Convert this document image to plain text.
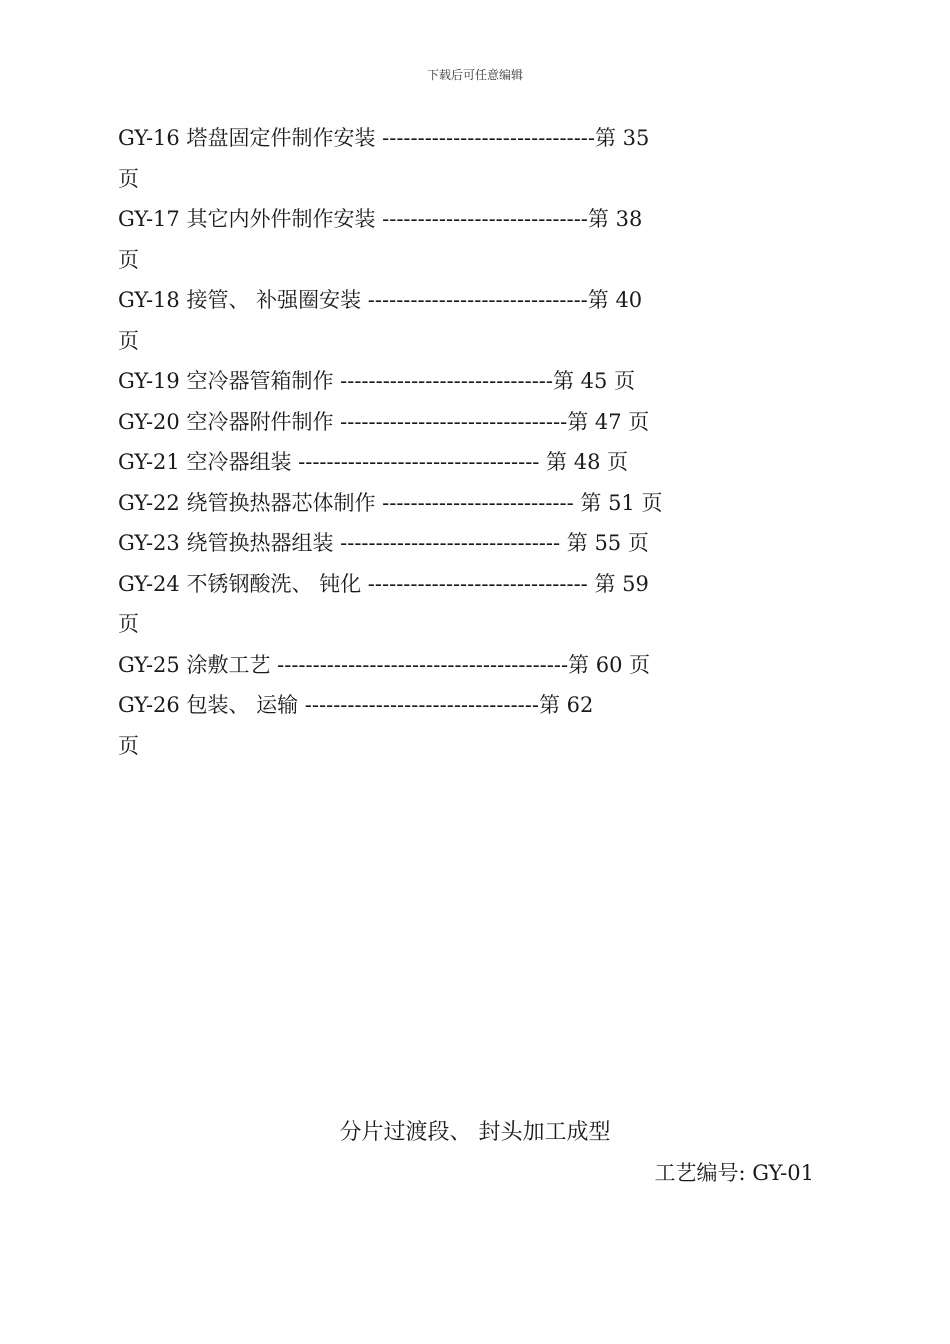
下载后可任意编辑
GY-16 塔盘固定件制作安装 ------------------------------第 35
页
GY-17 其它内外件制作安装 -----------------------------第 38
页
GY-18 接管、 补强圈安装 -------------------------------第 40
页
GY-19 空冷器管箱制作 ------------------------------第 45 页
GY-20 空冷器附件制作 --------------------------------第 47 页
GY-21 空冷器组装 ---------------------------------- 第 48 页
GY-22 绕管换热器芯体制作 --------------------------- 第 51 页
GY-23 绕管换热器组装 ------------------------------- 第 55 页
GY-24 不锈钢酸洗、 钝化 ------------------------------- 第 59
页
GY-25 涂敷工艺 -----------------------------------------第 60 页
GY-26 包装、 运输 ---------------------------------第 62
页
分片过渡段、 封头加工成型
工艺编号: GY-01
